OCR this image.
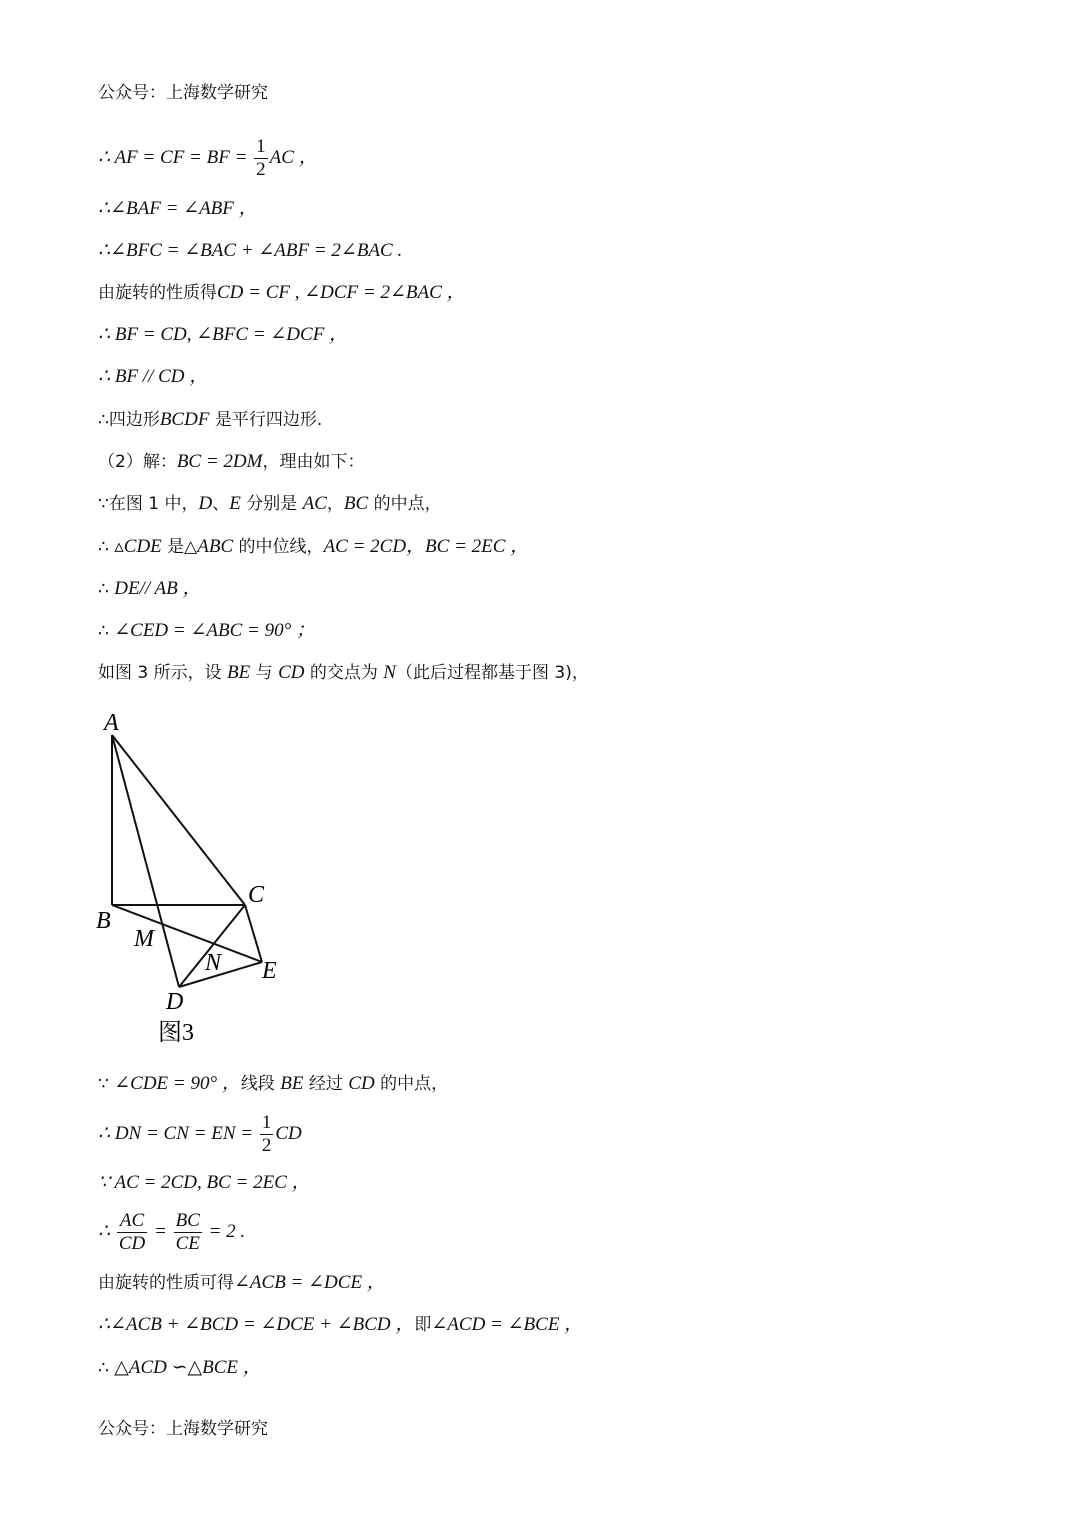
公众号：上海数学研究
∴ AF = CF = BF = $\frac{1}{2}$ AC ，
∴∠BAF = ∠ABF ，
∴∠BFC = ∠BAC + ∠ABF = 2∠BAC .
由旋转的性质得CD = CF , ∠DCF = 2∠BAC ，
∴ BF = CD, ∠BFC = ∠DCF ，
∴ BF // CD ，
∴四边形BCDF 是平行四边形.
（2）解：BC = 2DM，理由如下：
∵在图 1 中，D、E 分别是 AC，BC 的中点，
∴ ▵CDE 是△ABC 的中位线，AC = 2CD，BC = 2EC ，
∴ DE// AB ，
∴ ∠CED = ∠ABC = 90° ；
如图 3 所示，设 BE 与 CD 的交点为 N（此后过程都基于图 3)，
A
B
C
M
N E
D
图3
∵ ∠CDE = 90° ，线段 BE 经过 CD 的中点，
∴ DN = CN = EN = $\frac{1}{2}$ CD
∵ AC = 2CD, BC = 2EC ，
∴ $\frac{AC}{CD} = \frac{BC}{CE} = 2$ .
由旋转的性质可得∠ACB = ∠DCE ，
∴∠ACB + ∠BCD = ∠DCE + ∠BCD ，即∠ACD = ∠BCE ，
∴ △ACD ∽△BCE ，
公众号：上海数学研究
